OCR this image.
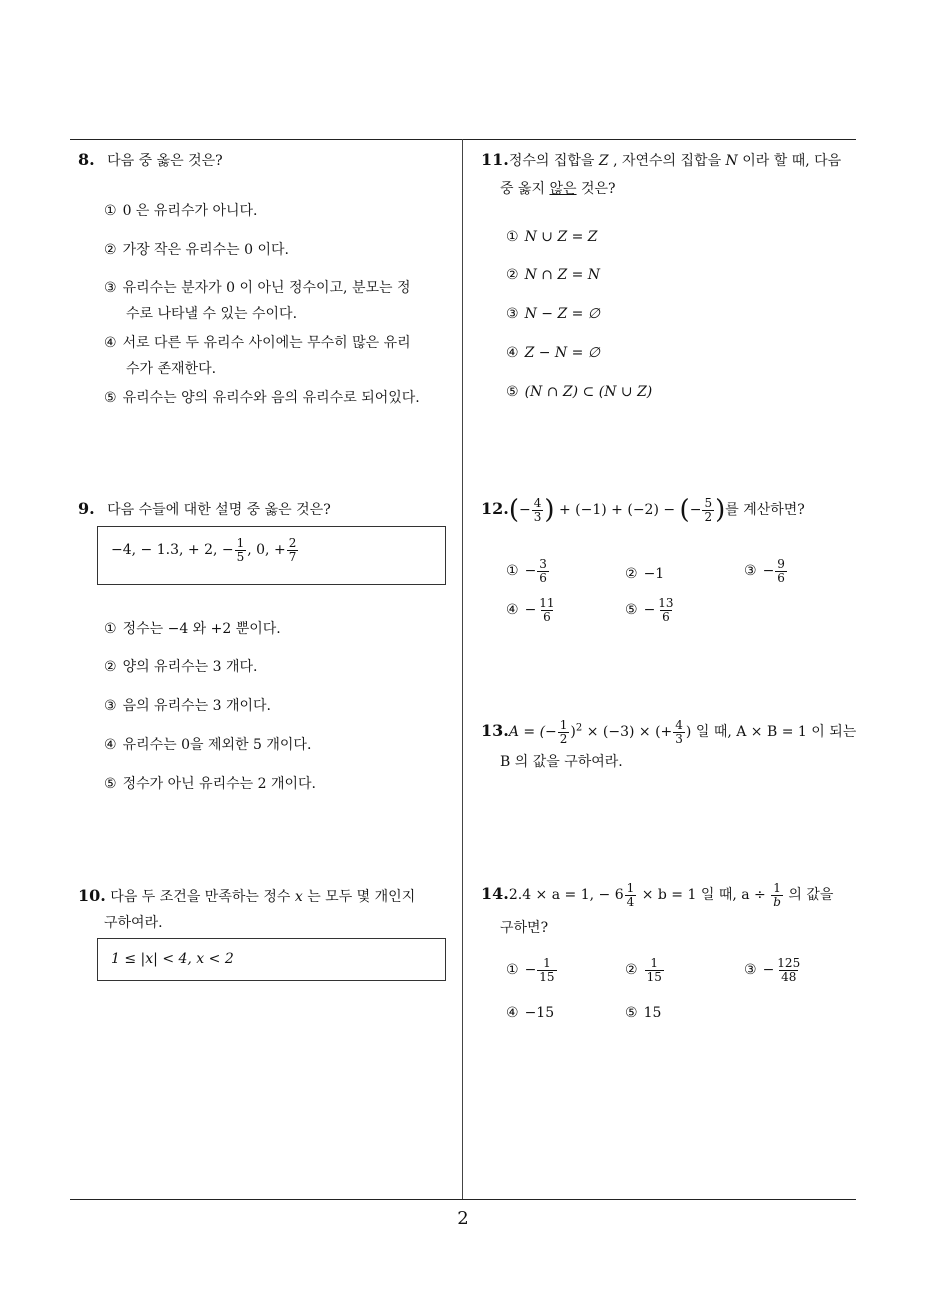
8. 다음 중 옳은 것은?
① 0 은 유리수가 아니다.
② 가장 작은 유리수는 0 이다.
③ 유리수는 분자가 0 이 아닌 정수이고, 분모는 정
수로 나타낼 수 있는 수이다.
④ 서로 다른 두 유리수 사이에는 무수히 많은 유리
수가 존재한다.
⑤ 유리수는 양의 유리수와 음의 유리수로 되어있다.
9. 다음 수들에 대한 설명 중 옳은 것은?
−4, − 1.3, + 2, − $\frac{1}{5}$ , 0, + $\frac{2}{7}$
① 정수는 −4 와 +2 뿐이다.
② 양의 유리수는 3 개다.
③ 음의 유리수는 3 개이다.
④ 유리수는 0을 제외한 5 개이다.
⑤ 정수가 아닌 유리수는 2 개이다.
10. 다음 두 조건을 만족하는 정수 x 는 모두 몇 개인지
구하여라.
1 ≤ |x| < 4, x < 2
11.정수의 집합을 Z , 자연수의 집합을 N 이라 할 때, 다음
중 옳지 않은 것은?
① N ∪ Z = Z
② N ∩ Z = N
③ N − Z = ∅
④ Z − N = ∅
⑤ (N ∩ Z) ⊂ (N ∪ Z)
$12.(- \frac{4}{3}$ ) + (−1) + (−2) − (− $\frac{5}{2}$ )를 계산하면?
① − $\frac{3}{6}$	② −1	③ − $\frac{9}{6}$
④ − $\frac{11}{6}$	⑤ − $\frac{13}{6}$
13.A = (− $\frac{1}{2} )^2 \times (-3)$ × (+ $\frac{4}{3}$ ) 일 때, A × B = 1 이 되는
B 의 값을 구하여라.
14.2.4 × a = 1, − $6 \frac{1}{4} \times b = 1$ 일 때, $a \div \frac{1}{b}$ 의 값을
구하면?
① − $\frac{1}{15}$	② $\frac{1}{15}$	③ − $\frac{125}{48}$
④ −15	⑤ 15
2
